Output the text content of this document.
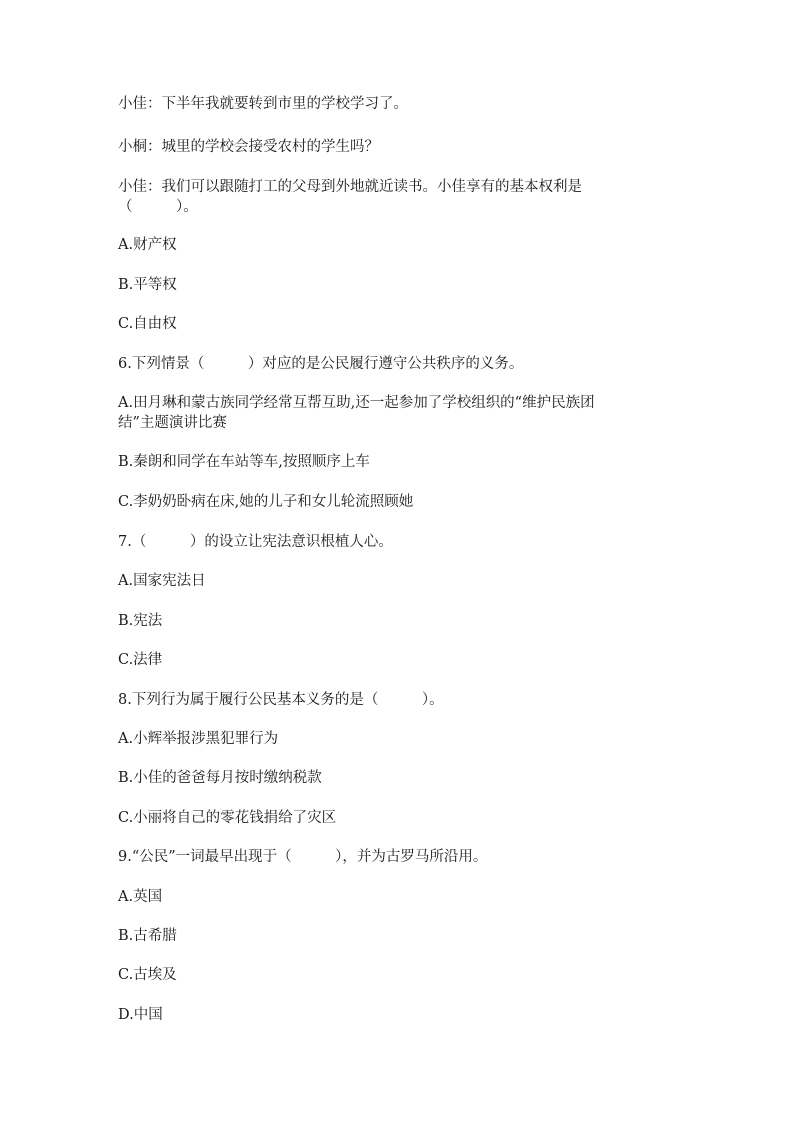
小佳：下半年我就要转到市里的学校学习了。
小桐：城里的学校会接受农村的学生吗？
小佳：我们可以跟随打工的父母到外地就近读书。小佳享有的基本权利是
（　　　）。
A.财产权
B.平等权
C.自由权
6.下列情景（　　　）对应的是公民履行遵守公共秩序的义务。
A.田月琳和蒙古族同学经常互帮互助,还一起参加了学校组织的“维护民族团
结”主题演讲比赛
B.秦朗和同学在车站等车,按照顺序上车
C.李奶奶卧病在床,她的儿子和女儿轮流照顾她
7.（　　　）的设立让宪法意识根植人心。
A.国家宪法日
B.宪法
C.法律
8.下列行为属于履行公民基本义务的是（　　　）。
A.小辉举报涉黑犯罪行为
B.小佳的爸爸每月按时缴纳税款
C.小丽将自己的零花钱捐给了灾区
9.“公民”一词最早出现于（　　　），并为古罗马所沿用。
A.英国
B.古希腊
C.古埃及
D.中国
